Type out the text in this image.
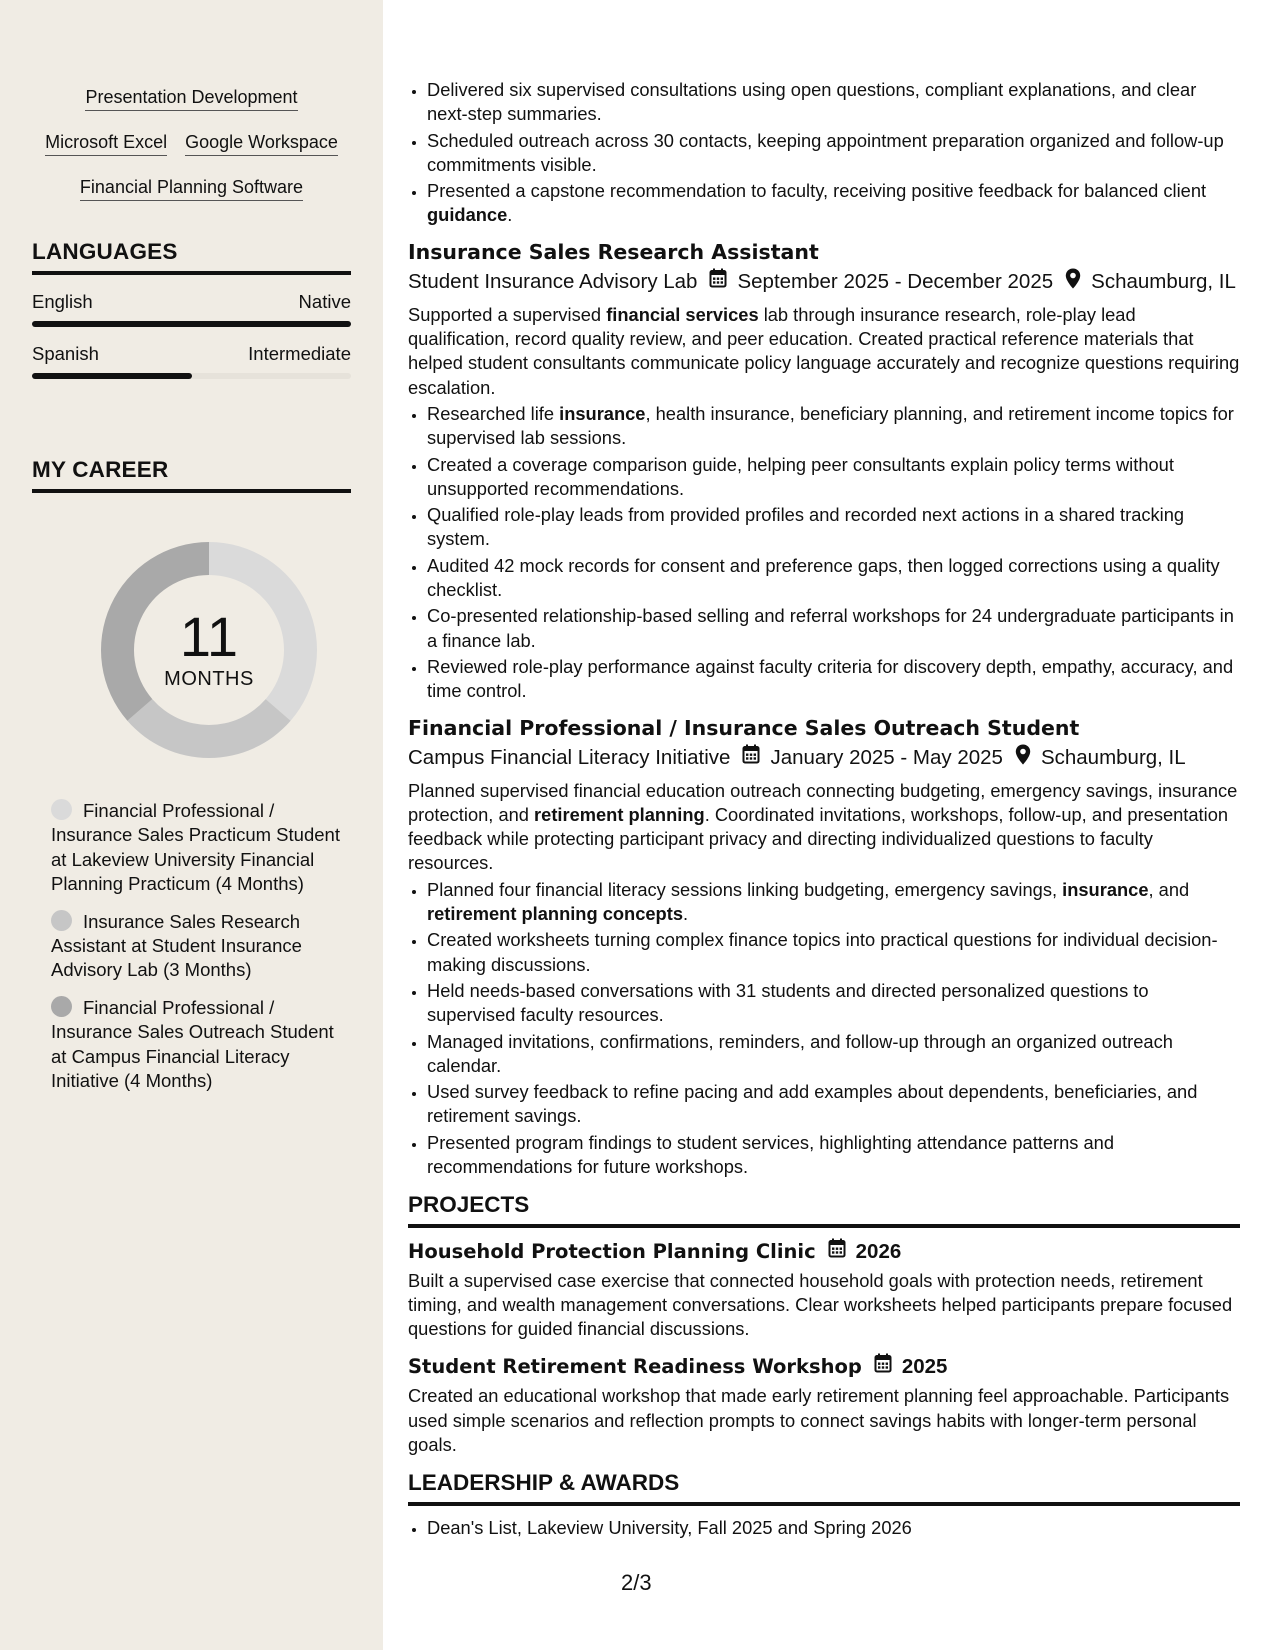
Presentation Development
Microsoft Excel Google Workspace
Financial Planning Software
LANGUAGES
English	Native
Spanish	Intermediate
MY CAREER
11
MONTHS
Financial Professional / Insurance Sales Practicum Student at Lakeview University Financial Planning Practicum (4 Months)
Insurance Sales Research Assistant at Student Insurance Advisory Lab (3 Months)
Financial Professional / Insurance Sales Outreach Student at Campus Financial Literacy Initiative (4 Months)
• Delivered six supervised consultations using open questions, compliant explanations, and clear next-step summaries.
• Scheduled outreach across 30 contacts, keeping appointment preparation organized and follow-up commitments visible.
• Presented a capstone recommendation to faculty, receiving positive feedback for balanced client guidance.
Insurance Sales Research Assistant
Student Insurance Advisory Lab September 2025 - December 2025 Schaumburg, IL
Supported a supervised financial services lab through insurance research, role-play lead qualification, record quality review, and peer education. Created practical reference materials that helped student consultants communicate policy language accurately and recognize questions requiring escalation.
• Researched life insurance, health insurance, beneficiary planning, and retirement income topics for supervised lab sessions.
• Created a coverage comparison guide, helping peer consultants explain policy terms without unsupported recommendations.
• Qualified role-play leads from provided profiles and recorded next actions in a shared tracking system.
• Audited 42 mock records for consent and preference gaps, then logged corrections using a quality checklist.
• Co-presented relationship-based selling and referral workshops for 24 undergraduate participants in a finance lab.
• Reviewed role-play performance against faculty criteria for discovery depth, empathy, accuracy, and time control.
Financial Professional / Insurance Sales Outreach Student
Campus Financial Literacy Initiative January 2025 - May 2025 Schaumburg, IL
Planned supervised financial education outreach connecting budgeting, emergency savings, insurance protection, and retirement planning. Coordinated invitations, workshops, follow-up, and presentation feedback while protecting participant privacy and directing individualized questions to faculty resources.
• Planned four financial literacy sessions linking budgeting, emergency savings, insurance, and retirement planning concepts.
• Created worksheets turning complex finance topics into practical questions for individual decision-making discussions.
• Held needs-based conversations with 31 students and directed personalized questions to supervised faculty resources.
• Managed invitations, confirmations, reminders, and follow-up through an organized outreach calendar.
• Used survey feedback to refine pacing and add examples about dependents, beneficiaries, and retirement savings.
• Presented program findings to student services, highlighting attendance patterns and recommendations for future workshops.
PROJECTS
Household Protection Planning Clinic 2026
Built a supervised case exercise that connected household goals with protection needs, retirement timing, and wealth management conversations. Clear worksheets helped participants prepare focused questions for guided financial discussions.
Student Retirement Readiness Workshop 2025
Created an educational workshop that made early retirement planning feel approachable. Participants used simple scenarios and reflection prompts to connect savings habits with longer-term personal goals.
LEADERSHIP & AWARDS
• Dean's List, Lakeview University, Fall 2025 and Spring 2026
2/3
